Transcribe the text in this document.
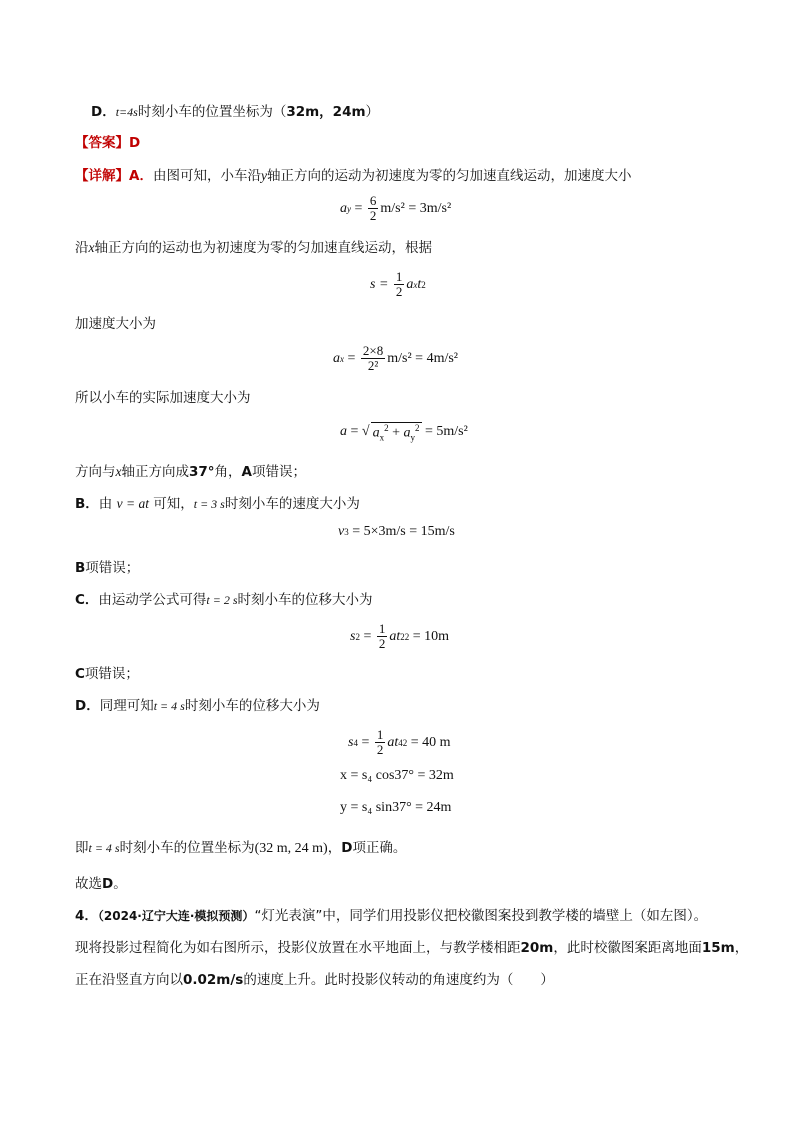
D．t=4s时刻小车的位置坐标为（32m，24m）
【答案】D
【详解】A．由图可知，小车沿y轴正方向的运动为初速度为零的匀加速直线运动，加速度大小
a $y = \frac{6}{2} m/s^2 = 3m/s^2$
沿x轴正方向的运动也为初速度为零的匀加速直线运动，根据
s =
$\frac{1}{2}$ a x t 2
加速度大小为
a $x = \frac{2\times 8}{\text{2²}} m/s^2 = 4m/s^2$
所以小车的实际加速度大小为
a = √ $a_x^2 + a_y^2$
= 5m/s²
方向与x轴正方向成37°角，A项错误；
B．由 v = at 可知，t = 3 s时刻小车的速度大小为
v 3
= 5×3m/s = 15m/s
B项错误；
C．由运动学公式可得t = 2 s时刻小车的位移大小为
s $2 = \frac{1}{2}$ at 2 2
= 10m
C项错误；
D．同理可知t = 4 s时刻小车的位移大小为
s $4 = \frac{1}{2}$ at 4 2
= 40 m
x = s₄ cos37° = 32m
y = s₄ sin37° = 24m
即t = 4 s时刻小车的位置坐标为(32 m, 24 m)，D项正确。
故选D。
4．（2024·辽宁大连·模拟预测）“灯光表演”中，同学们用投影仪把校徽图案投到教学楼的墙壁上（如左图）。
现将投影过程简化为如右图所示，投影仪放置在水平地面上，与教学楼相距20m，此时校徽图案距离地面15m，
正在沿竖直方向以0.02m/s的速度上升。此时投影仪转动的角速度约为（　　）
